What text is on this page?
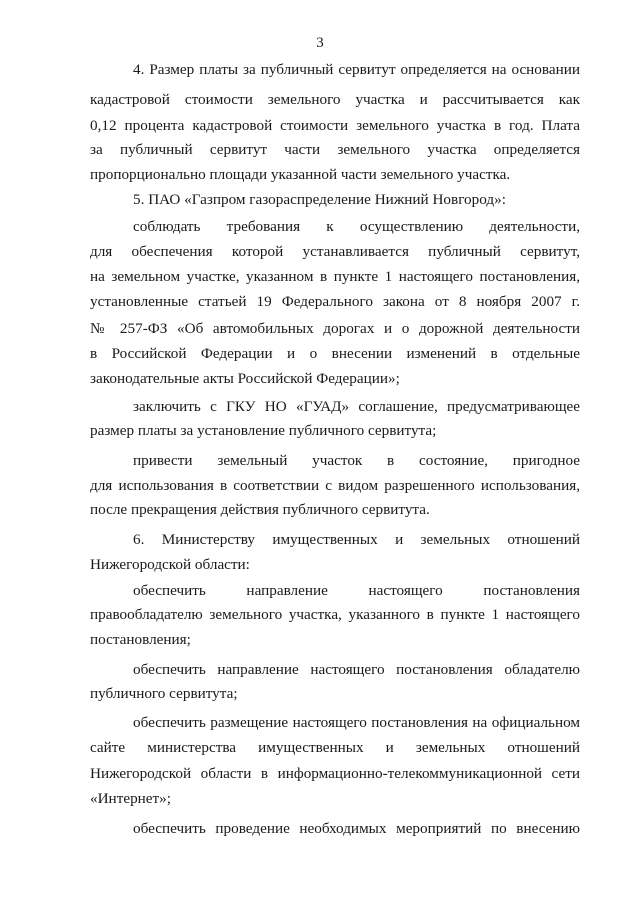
3
4. Размер платы за публичный сервитут определяется на основании
кадастровой стоимости земельного участка и рассчитывается как
0,12 процента кадастровой стоимости земельного участка в год. Плата
за публичный сервитут части земельного участка определяется
пропорционально площади указанной части земельного участка.
5. ПАО «Газпром газораспределение Нижний Новгород»:
соблюдать требования к осуществлению деятельности,
для обеспечения которой устанавливается публичный сервитут,
на земельном участке, указанном в пункте 1 настоящего постановления,
установленные статьей 19 Федерального закона от 8 ноября 2007 г.
№ 257-ФЗ «Об автомобильных дорогах и о дорожной деятельности
в Российской Федерации и о внесении изменений в отдельные
законодательные акты Российской Федерации»;
заключить с ГКУ НО «ГУАД» соглашение, предусматривающее
размер платы за установление публичного сервитута;
привести земельный участок в состояние, пригодное
для использования в соответствии с видом разрешенного использования,
после прекращения действия публичного сервитута.
6. Министерству имущественных и земельных отношений
Нижегородской области:
обеспечить направление настоящего постановления
правообладателю земельного участка, указанного в пункте 1 настоящего
постановления;
обеспечить направление настоящего постановления обладателю
публичного сервитута;
обеспечить размещение настоящего постановления на официальном
сайте министерства имущественных и земельных отношений
Нижегородской области в информационно-телекоммуникационной сети
«Интернет»;
обеспечить проведение необходимых мероприятий по внесению
